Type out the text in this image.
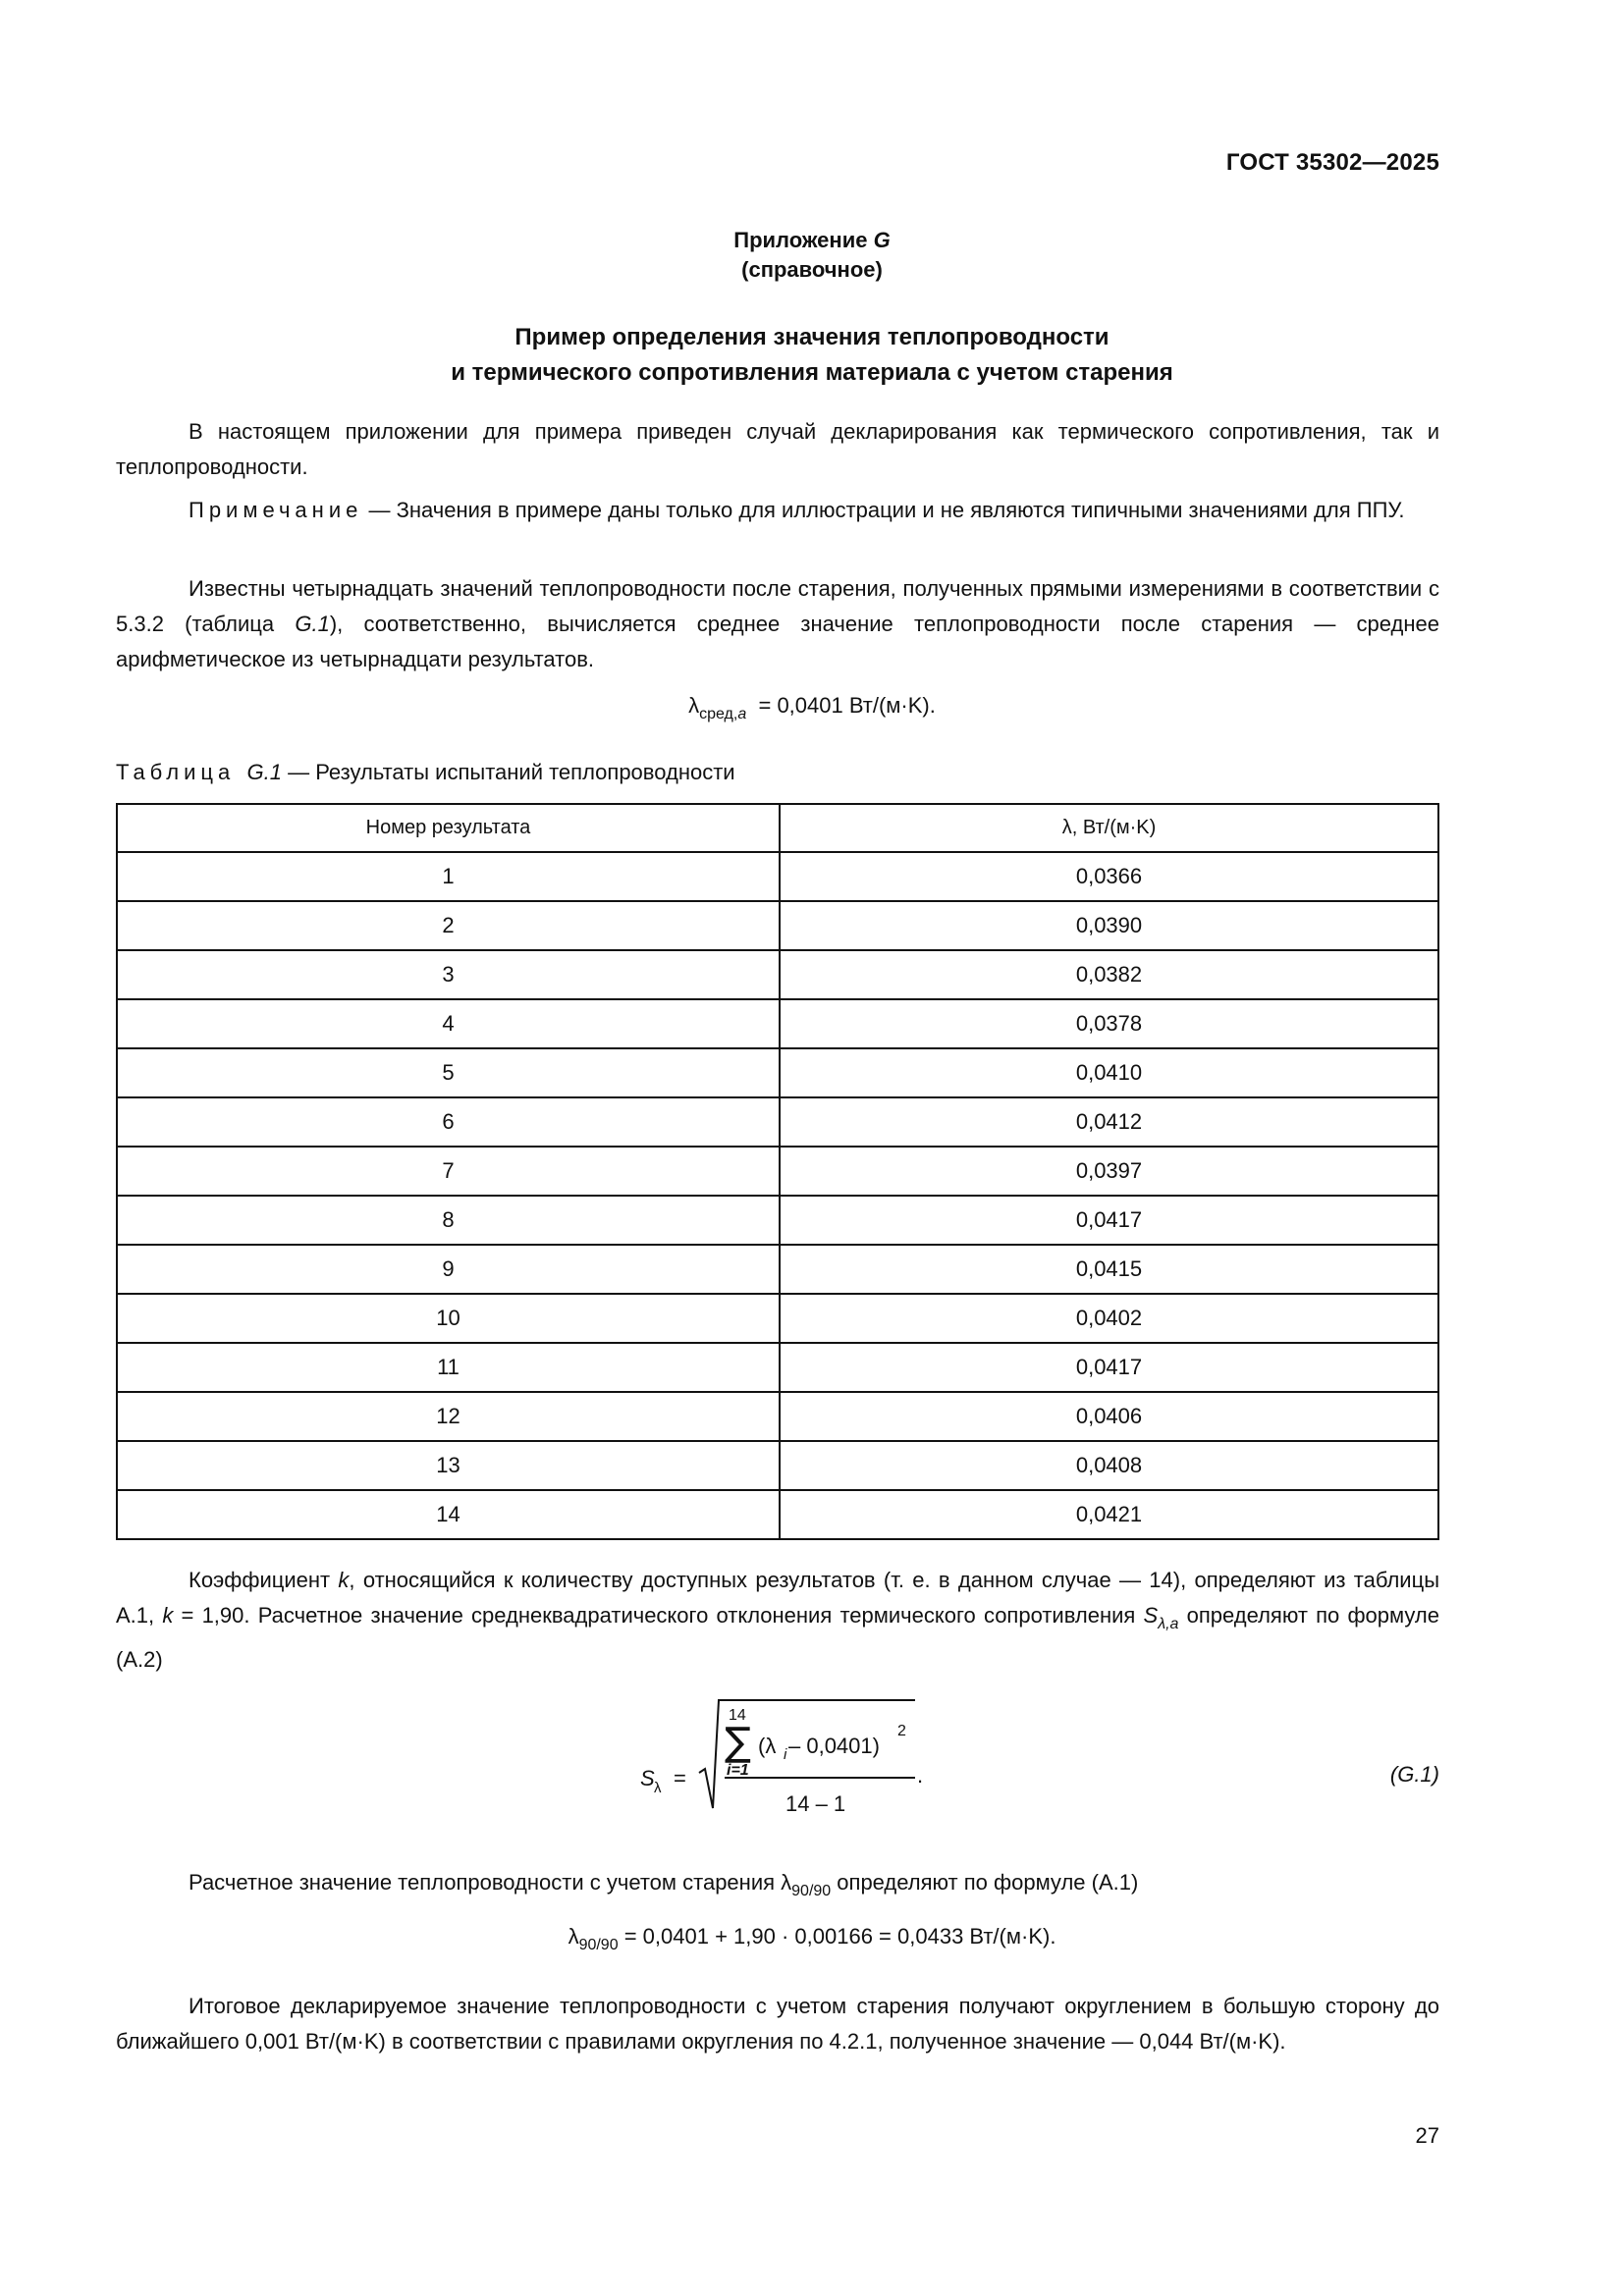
ГОСТ 35302—2025
Приложение G
(справочное)
Пример определения значения теплопроводности
и термического сопротивления материала с учетом старения
В настоящем приложении для примера приведен случай декларирования как термического сопротивления, так и теплопроводности.
Примечание — Значения в примере даны только для иллюстрации и не являются типичными значениями для ППУ.
Известны четырнадцать значений теплопроводности после старения, полученных прямыми измерениями в соответствии с 5.3.2 (таблица G.1), соответственно, вычисляется среднее значение теплопроводности после старения — среднее арифметическое из четырнадцати результатов.
$\lambda_{сред,a} = 0,0401$ Вт/(м·K).
Таблица G.1 — Результаты испытаний теплопроводности
Номер результата	λ, Вт/(м·K)
1	0,0366
2	0,0390
3	0,0382
4	0,0378
5	0,0410
6	0,0412
7	0,0397
8	0,0417
9	0,0415
10	0,0402
11	0,0417
12	0,0406
13	0,0408
14	0,0421
Коэффициент k, относящийся к количеству доступных результатов (т. е. в данном случае — 14), определяют из таблицы А.1, k = 1,90. Расчетное значение среднеквадратического отклонения термического сопротивления $S_{\lambda,a}$ определяют по формуле (А.2)
S λ =
14
∑
i=1
(λ i – 0,0401)
2
14 – 1
.	(G.1)
Расчетное значение теплопроводности с учетом старения $\lambda_{90/90}$ определяют по формуле (А.1)
$\lambda_{90/90} = 0,0401 + 1,90 \cdot 0,00166 = 0,0433$ Вт/(м·K).
Итоговое декларируемое значение теплопроводности с учетом старения получают округлением в большую сторону до ближайшего 0,001 Вт/(м·K) в соответствии с правилами округления по 4.2.1, полученное значение — 0,044 Вт/(м·K).
27
